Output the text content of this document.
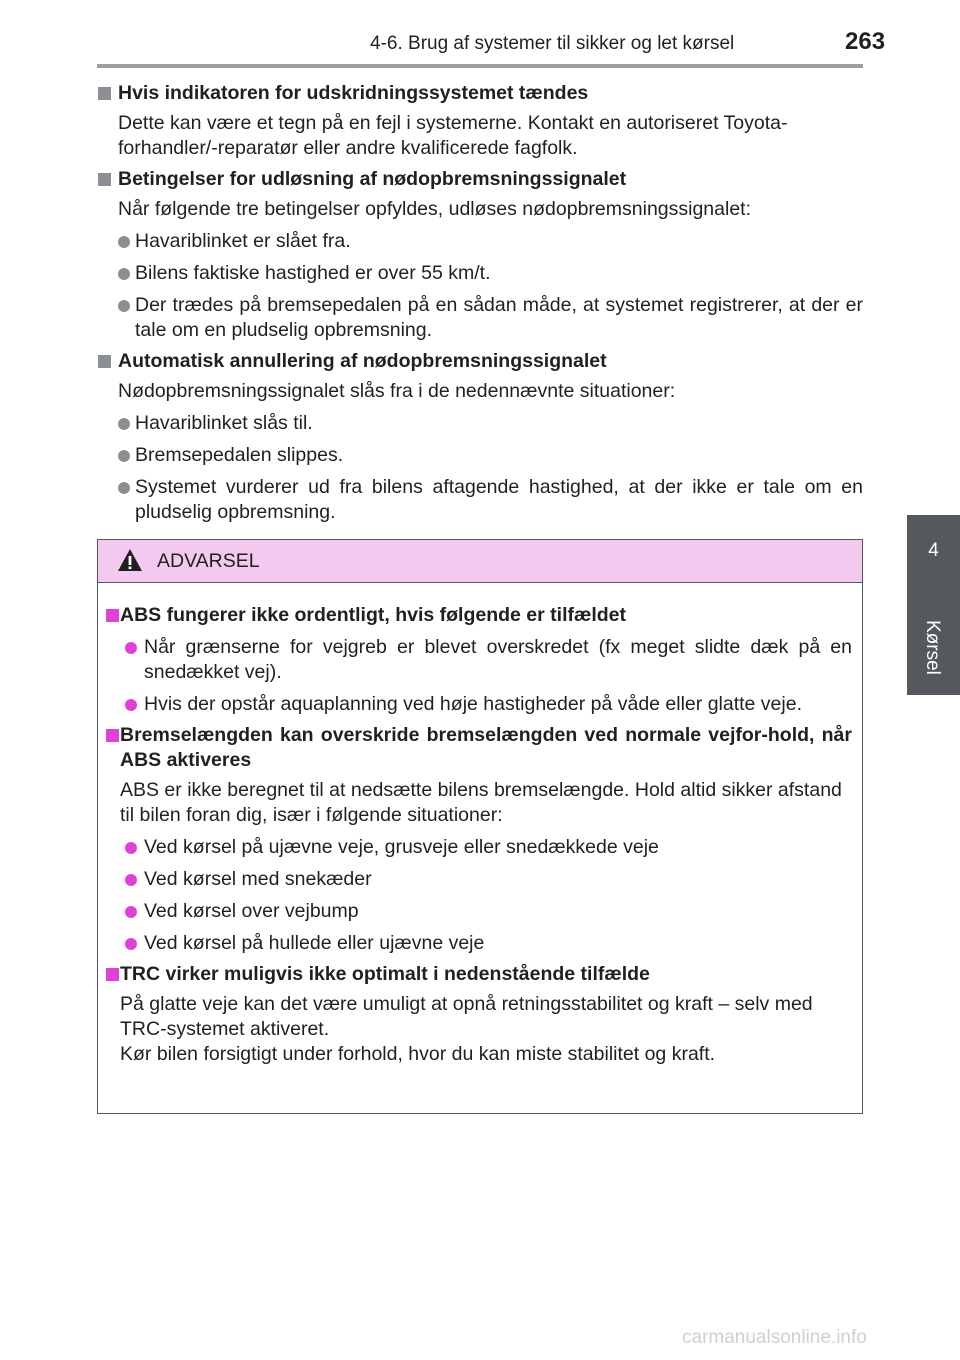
4-6. Brug af systemer til sikker og let kørsel	263
4
Kørsel
Hvis indikatoren for udskridningssystemet tændes
Dette kan være et tegn på en fejl i systemerne. Kontakt en autoriseret Toyota-forhandler/-reparatør eller andre kvalificerede fagfolk.
Betingelser for udløsning af nødopbremsningssignalet
Når følgende tre betingelser opfyldes, udløses nødopbremsningssignalet:
Havariblinket er slået fra.
Bilens faktiske hastighed er over 55 km/t.
Der trædes på bremsepedalen på en sådan måde, at systemet registrerer, at der er tale om en pludselig opbremsning.
Automatisk annullering af nødopbremsningssignalet
Nødopbremsningssignalet slås fra i de nedennævnte situationer:
Havariblinket slås til.
Bremsepedalen slippes.
Systemet vurderer ud fra bilens aftagende hastighed, at der ikke er tale om en pludselig opbremsning.
ADVARSEL
ABS fungerer ikke ordentligt, hvis følgende er tilfældet
Når grænserne for vejgreb er blevet overskredet (fx meget slidte dæk på en snedækket vej).
Hvis der opstår aquaplanning ved høje hastigheder på våde eller glatte veje.
Bremselængden kan overskride bremselængden ved normale vejfor-hold, når ABS aktiveres
ABS er ikke beregnet til at nedsætte bilens bremselængde. Hold altid sikker afstand til bilen foran dig, især i følgende situationer:
Ved kørsel på ujævne veje, grusveje eller snedækkede veje
Ved kørsel med snekæder
Ved kørsel over vejbump
Ved kørsel på hullede eller ujævne veje
TRC virker muligvis ikke optimalt i nedenstående tilfælde
På glatte veje kan det være umuligt at opnå retningsstabilitet og kraft – selv med TRC-systemet aktiveret.
Kør bilen forsigtigt under forhold, hvor du kan miste stabilitet og kraft.
carmanualsonline.info
